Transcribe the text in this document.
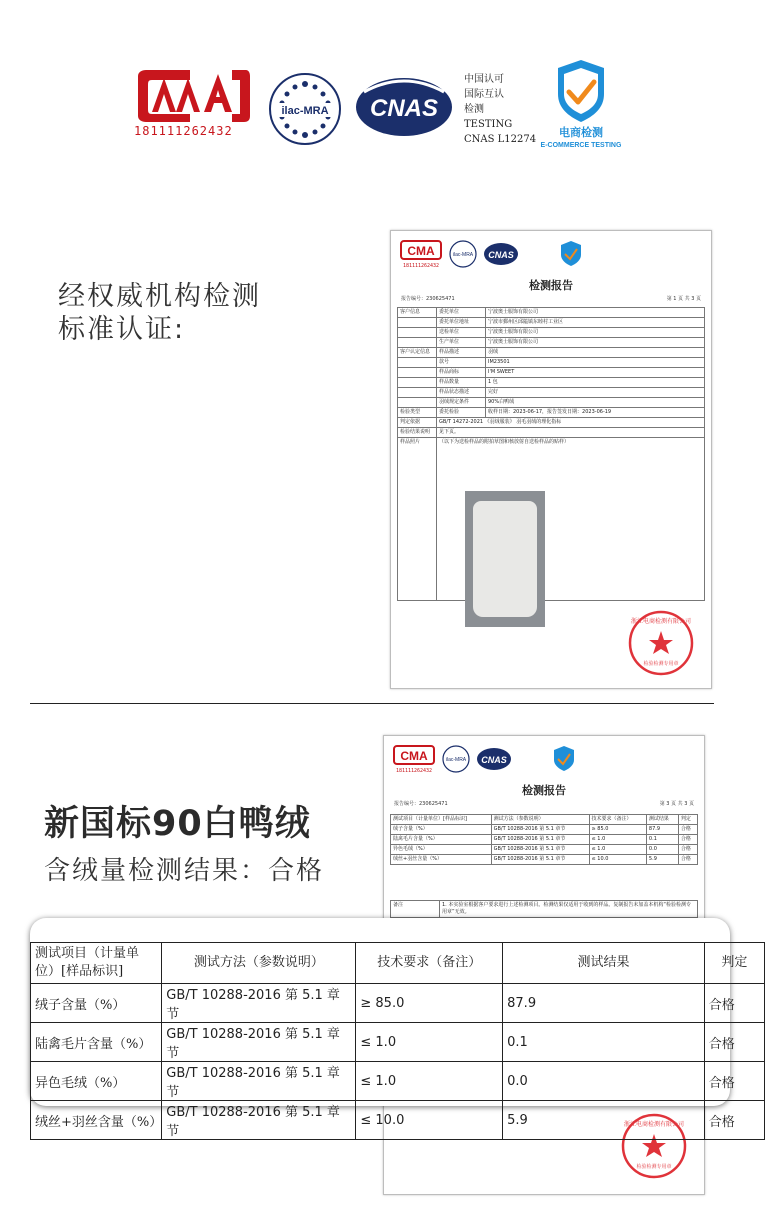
181111262432
ilac-MRA CNAS
中国认可
国际互认
检测
TESTING
CNAS L12274
电商检测
E-COMMERCE TESTING
经权威机构检测
标准认证:
CMA
181111262432
ilac-MRA CNAS
检测报告
报告编号：230625471	第 1 页 共 3 页
客户信息	委托单位	宁波奥士服饰有限公司
	委托单位地址	宁波市鄞州区邱隘镇东睦村工业区
	送检单位	宁波奥士服饰有限公司
	生产单位	宁波奥士服饰有限公司
客户认定信息	样品描述	羽绒
	款号	IM23501
	样品商标	I'M SWEET
	样品数量	1 包
	样品状态描述	完好
	羽绒规定条件	90%白鸭绒
检验类型	委托检验	收样日期：2023-06-17，报告签发日期：2023-06-19
判定依据	GB/T 14272-2021 《羽绒服装》 羽毛羽绒的理化指标	
检验结果说明	见下页。	
样品照片	（以下为送检样品的附拍草图和核放射自送检样品的贴样）	
浙江电商检测有限公司
检验检测专用章
CMA
181111262432
ilac-MRA CNAS
检测报告
报告编号：230625471	第 3 页 共 3 页
测试项目（计量单位）[样品标识]	测试方法（参数说明）	技术要求（备注）	测试结果	判定
绒子含量（%）	GB/T 10288-2016 第 5.1 章节	≥ 85.0	87.9	合格
陆禽毛片含量（%）	GB/T 10288-2016 第 5.1 章节	≤ 1.0	0.1	合格
异色毛绒（%）	GB/T 10288-2016 第 5.1 章节	≤ 1.0	0.0	合格
绒丝+羽丝含量（%）	GB/T 10288-2016 第 5.1 章节	≤ 10.0	5.9	合格
备注	1. 本实验室根据客户要求进行上述检测项目。检测结果仅适用于收到的样品。复制报告未加盖本机构“检验检测专用章”无效。
浙江电商检测有限公司
检验检测专用章
新国标90白鸭绒
含绒量检测结果：合格
测试项目（计量单位）[样品标识]	测试方法（参数说明）	技术要求（备注）	测试结果	判定
绒子含量（%）	GB/T 10288-2016 第 5.1 章节	≥ 85.0	87.9	合格
陆禽毛片含量（%）	GB/T 10288-2016 第 5.1 章节	≤ 1.0	0.1	合格
异色毛绒（%）	GB/T 10288-2016 第 5.1 章节	≤ 1.0	0.0	合格
绒丝+羽丝含量（%）	GB/T 10288-2016 第 5.1 章节	≤ 10.0	5.9	合格
